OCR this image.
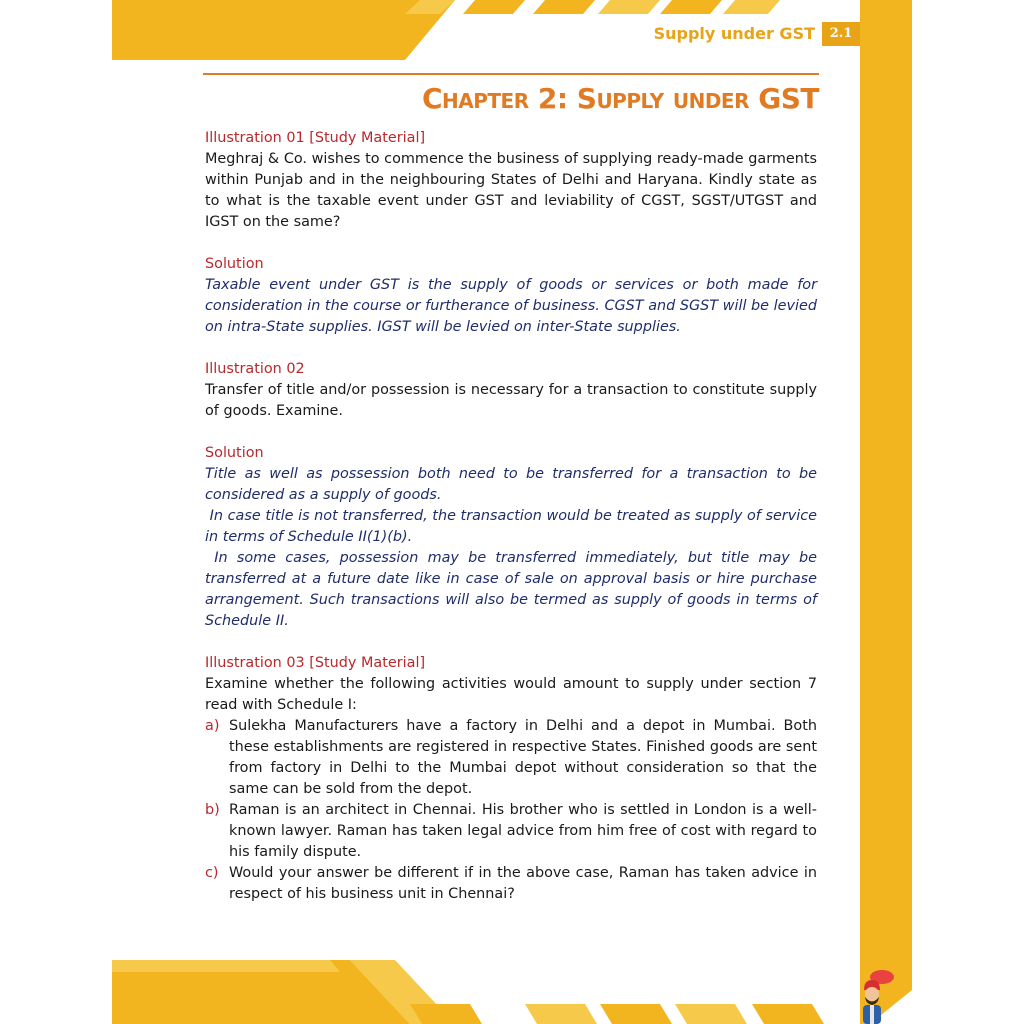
Supply under GST	2.1
Chapter 2: Supply under GST

Illustration 01 [Study Material]

Meghraj & Co. wishes to commence the business of supplying ready-made garments within Punjab and in the neighbouring States of Delhi and Haryana. Kindly state as to what is the taxable event under GST and leviability of CGST, SGST/UTGST and IGST on the same?

Solution

Taxable event under GST is the supply of goods or services or both made for consideration in the course or furtherance of business. CGST and SGST will be levied on intra-State supplies. IGST will be levied on inter-State supplies.

Illustration 02

Transfer of title and/or possession is necessary for a transaction to constitute supply of goods. Examine.

Solution

Title as well as possession both need to be transferred for a transaction to be considered as a supply of goods.

In case title is not transferred, the transaction would be treated as supply of service in terms of Schedule II(1)(b).

In some cases, possession may be transferred immediately, but title may be transferred at a future date like in case of sale on approval basis or hire purchase arrangement. Such transactions will also be termed as supply of goods in terms of Schedule II.

Illustration 03 [Study Material]

Examine whether the following activities would amount to supply under section 7 read with Schedule I:

a) Sulekha Manufacturers have a factory in Delhi and a depot in Mumbai. Both these establishments are registered in respective States. Finished goods are sent from factory in Delhi to the Mumbai depot without consideration so that the same can be sold from the depot.
b) Raman is an architect in Chennai. His brother who is settled in London is a well-known lawyer. Raman has taken legal advice from him free of cost with regard to his family dispute.
c) Would your answer be different if in the above case, Raman has taken advice in respect of his business unit in Chennai?
